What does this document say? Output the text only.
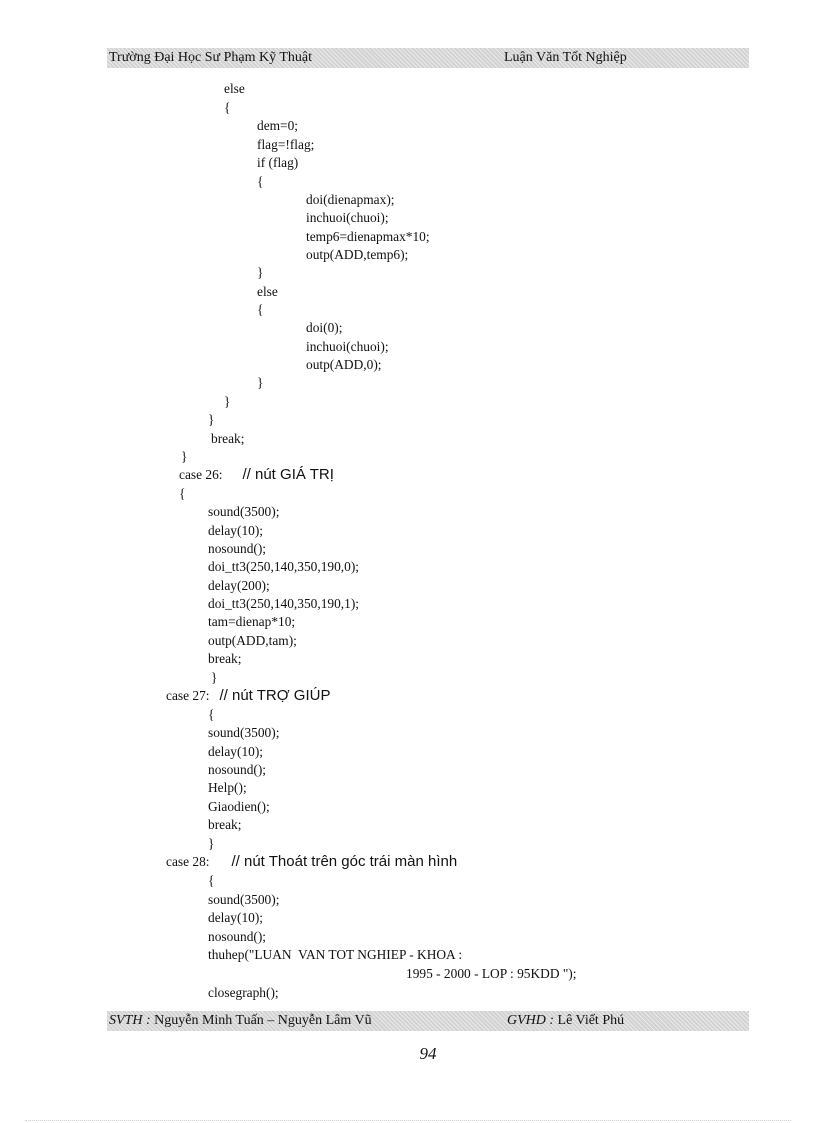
Trường Đại Học Sư Phạm Kỹ Thuật	Luận Văn Tốt Nghiệp
else
{
dem=0;
flag=!flag;
if (flag)
{
doi(dienapmax);
inchuoi(chuoi);
temp6=dienapmax*10;
outp(ADD,temp6);
}
else
{
doi(0);
inchuoi(chuoi);
outp(ADD,0);
}
}
}
break;
}
case 26: // nút GIÁ TRỊ
{
sound(3500);
delay(10);
nosound();
doi_tt3(250,140,350,190,0);
delay(200);
doi_tt3(250,140,350,190,1);
tam=dienap*10;
outp(ADD,tam);
break;
}
case 27: // nút TRỢ GIÚP
{
sound(3500);
delay(10);
nosound();
Help();
Giaodien();
break;
}
case 28: // nút Thoát trên góc trái màn hình
{
sound(3500);
delay(10);
nosound();
thuhep("LUAN  VAN TOT NGHIEP - KHOA :
1995 - 2000 - LOP : 95KDD ");
closegraph();
SVTH : Nguyễn Minh Tuấn – Nguyễn Lâm Vũ	GVHD : Lê Viết Phú
94
